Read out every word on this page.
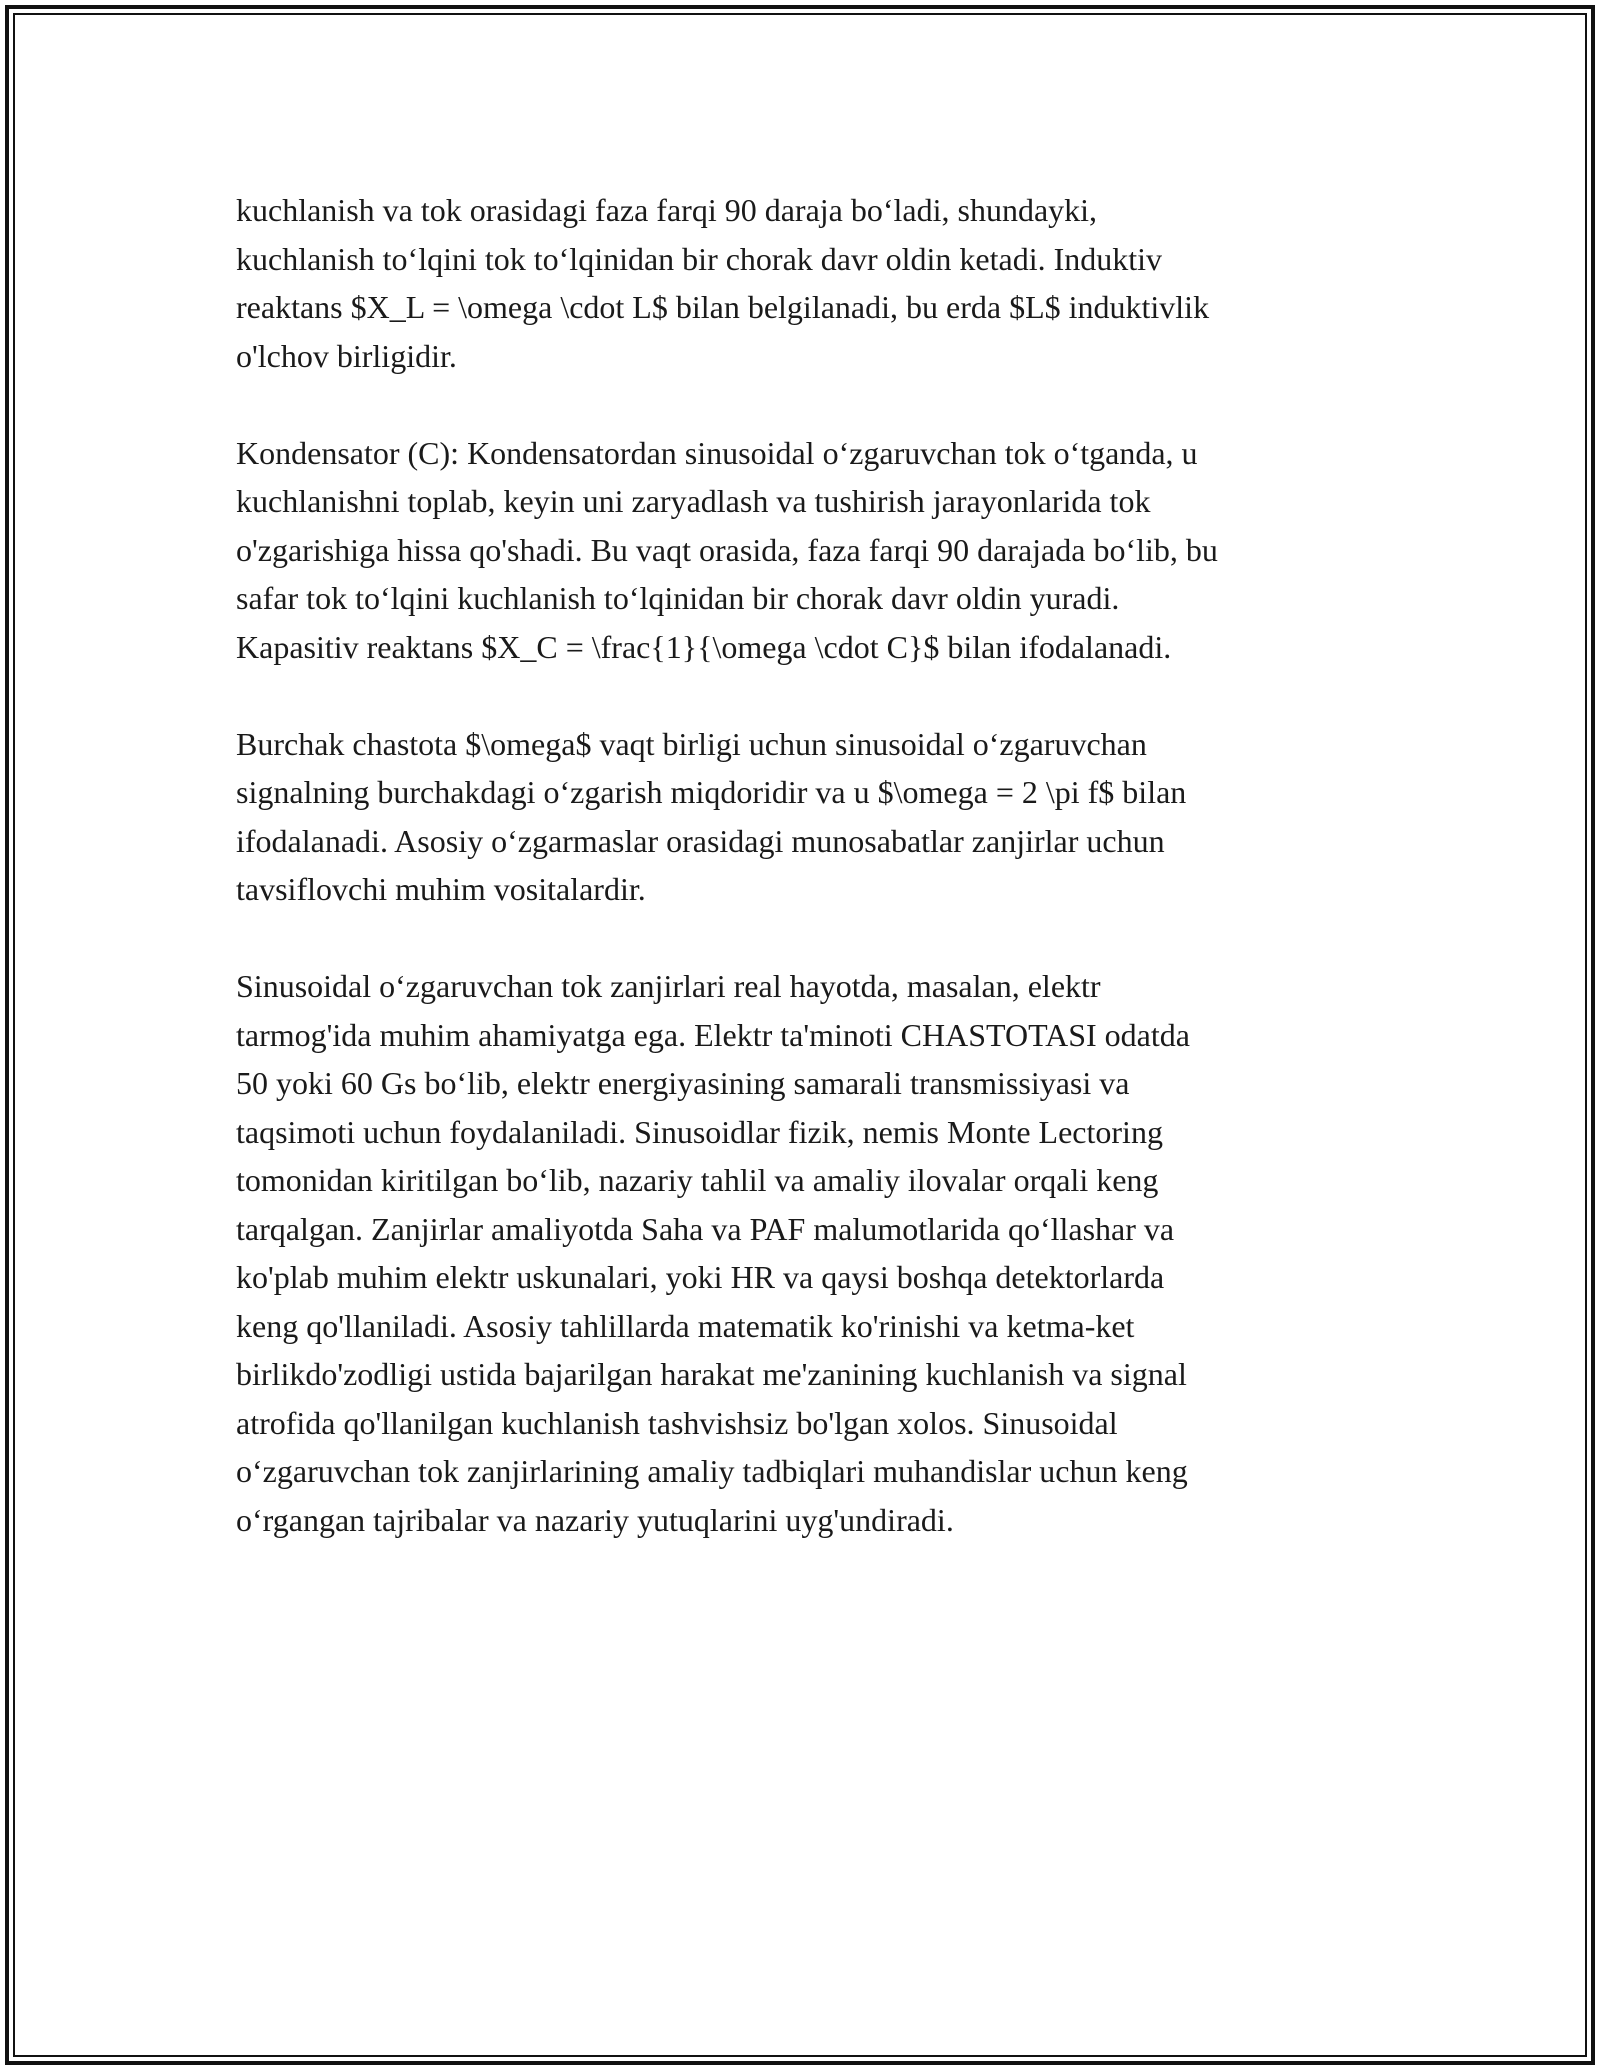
kuchlanish va tok orasidagi faza farqi 90 daraja bo‘ladi, shundayki,
kuchlanish to‘lqini tok to‘lqinidan bir chorak davr oldin ketadi. Induktiv
reaktans $X_L = \omega \cdot L$ bilan belgilanadi, bu erda $L$ induktivlik
o'lchov birligidir.

Kondensator (C): Kondensatordan sinusoidal o‘zgaruvchan tok o‘tganda, u
kuchlanishni toplab, keyin uni zaryadlash va tushirish jarayonlarida tok
o'zgarishiga hissa qo'shadi. Bu vaqt orasida, faza farqi 90 darajada bo‘lib, bu
safar tok to‘lqini kuchlanish to‘lqinidan bir chorak davr oldin yuradi.
Kapasitiv reaktans $X_C = \frac{1}{\omega \cdot C}$ bilan ifodalanadi.

Burchak chastota $\omega$ vaqt birligi uchun sinusoidal o‘zgaruvchan
signalning burchakdagi o‘zgarish miqdoridir va u $\omega = 2 \pi f$ bilan
ifodalanadi. Asosiy o‘zgarmaslar orasidagi munosabatlar zanjirlar uchun
tavsiflovchi muhim vositalardir.

Sinusoidal o‘zgaruvchan tok zanjirlari real hayotda, masalan, elektr
tarmog'ida muhim ahamiyatga ega. Elektr ta'minoti CHASTOTASI odatda
50 yoki 60 Gs bo‘lib, elektr energiyasining samarali transmissiyasi va
taqsimoti uchun foydalaniladi. Sinusoidlar fizik, nemis Monte Lectoring
tomonidan kiritilgan bo‘lib, nazariy tahlil va amaliy ilovalar orqali keng
tarqalgan. Zanjirlar amaliyotda Saha va PAF malumotlarida qo‘llashar va
ko'plab muhim elektr uskunalari, yoki HR va qaysi boshqa detektorlarda
keng qo'llaniladi. Asosiy tahlillarda matematik ko'rinishi va ketma-ket
birlikdo'zodligi ustida bajarilgan harakat me'zanining kuchlanish va signal
atrofida qo'llanilgan kuchlanish tashvishsiz bo'lgan xolos. Sinusoidal
o‘zgaruvchan tok zanjirlarining amaliy tadbiqlari muhandislar uchun keng
o‘rgangan tajribalar va nazariy yutuqlarini uyg'undiradi.
